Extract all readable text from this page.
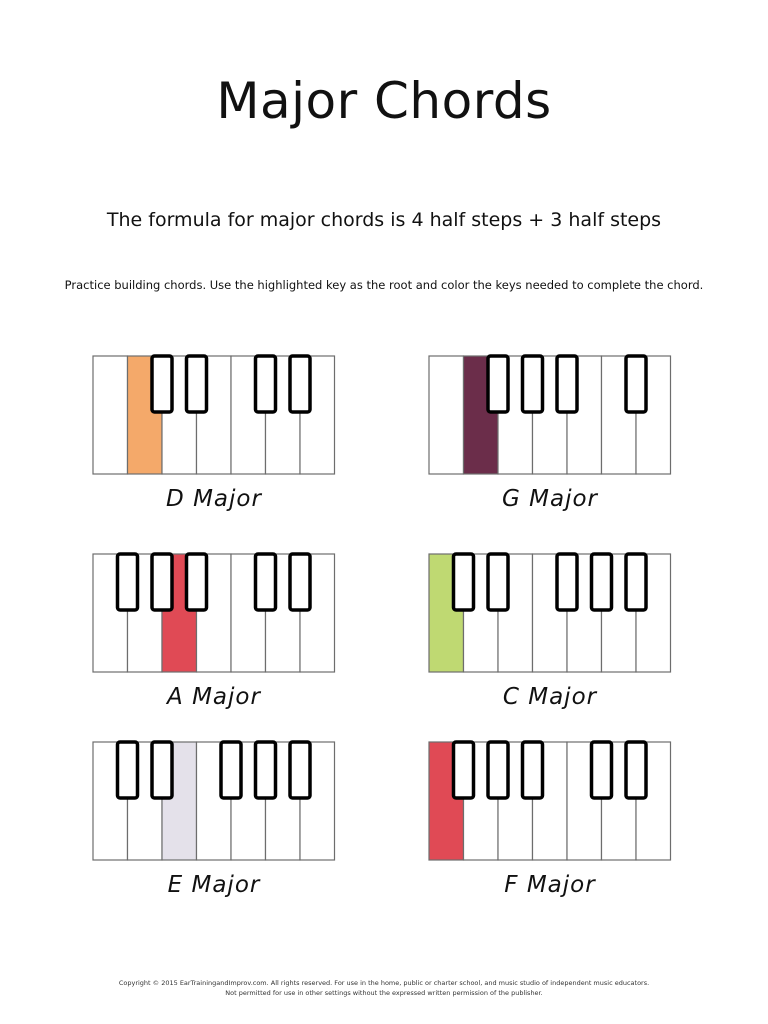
Major Chords
The formula for major chords is 4 half steps + 3 half steps
Practice building chords. Use the highlighted key as the root and color the keys needed to complete the chord.
D Major	G Major
A Major	C Major
E Major	F Major
Copyright © 2015 EarTrainingandImprov.com. All rights reserved. For use in the home, public or charter school, and music studio of independent music educators.
Not permitted for use in other settings without the expressed written permission of the publisher.
